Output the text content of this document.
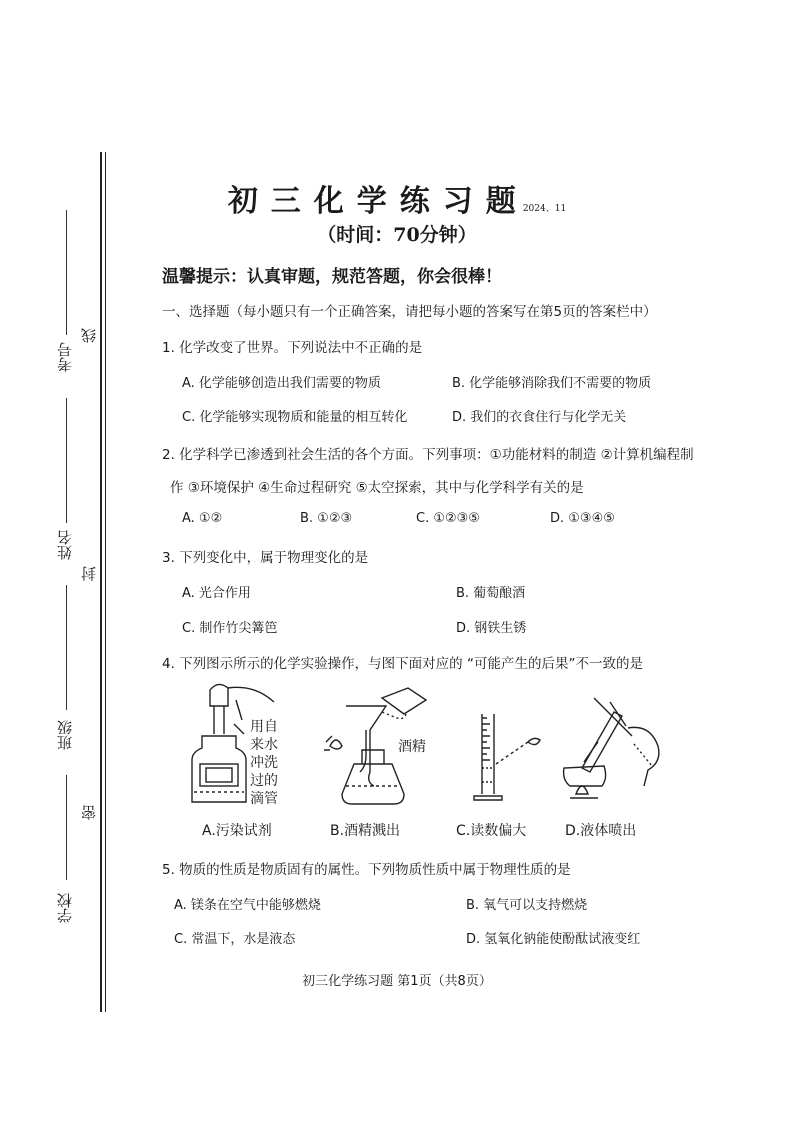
考号
姓名
班级
学校
线
封
密
初三化学练习题2024、11
（时间：70分钟）
温馨提示：认真审题，规范答题，你会很棒！
一、选择题（每小题只有一个正确答案，请把每小题的答案写在第5页的答案栏中）
1. 化学改变了世界。下列说法中不正确的是
A. 化学能够创造出我们需要的物质	B. 化学能够消除我们不需要的物质
C. 化学能够实现物质和能量的相互转化	D. 我们的衣食住行与化学无关
2. 化学科学已渗透到社会生活的各个方面。下列事项：①功能材料的制造 ②计算机编程制
作 ③环境保护 ④生命过程研究 ⑤太空探索，其中与化学科学有关的是
A. ①②	B. ①②③	C. ①②③⑤	D. ①③④⑤
3. 下列变化中，属于物理变化的是
A. 光合作用	B. 葡萄酿酒
C. 制作竹尖篝笆	D. 钢铁生锈
4. 下列图示所示的化学实验操作，与图下面对应的 “可能产生的后果”不一致的是
用自
来水
冲洗
过的
滴管
酒精
A.污染试剂	B.酒精溅出	C.读数偏大	D.液体喷出
5. 物质的性质是物质固有的属性。下列物质性质中属于物理性质的是
A. 镁条在空气中能够燃烧	B. 氧气可以支持燃烧
C. 常温下，水是液态	D. 氢氧化钠能使酚酞试液变红
初三化学练习题 第1页（共8页）
